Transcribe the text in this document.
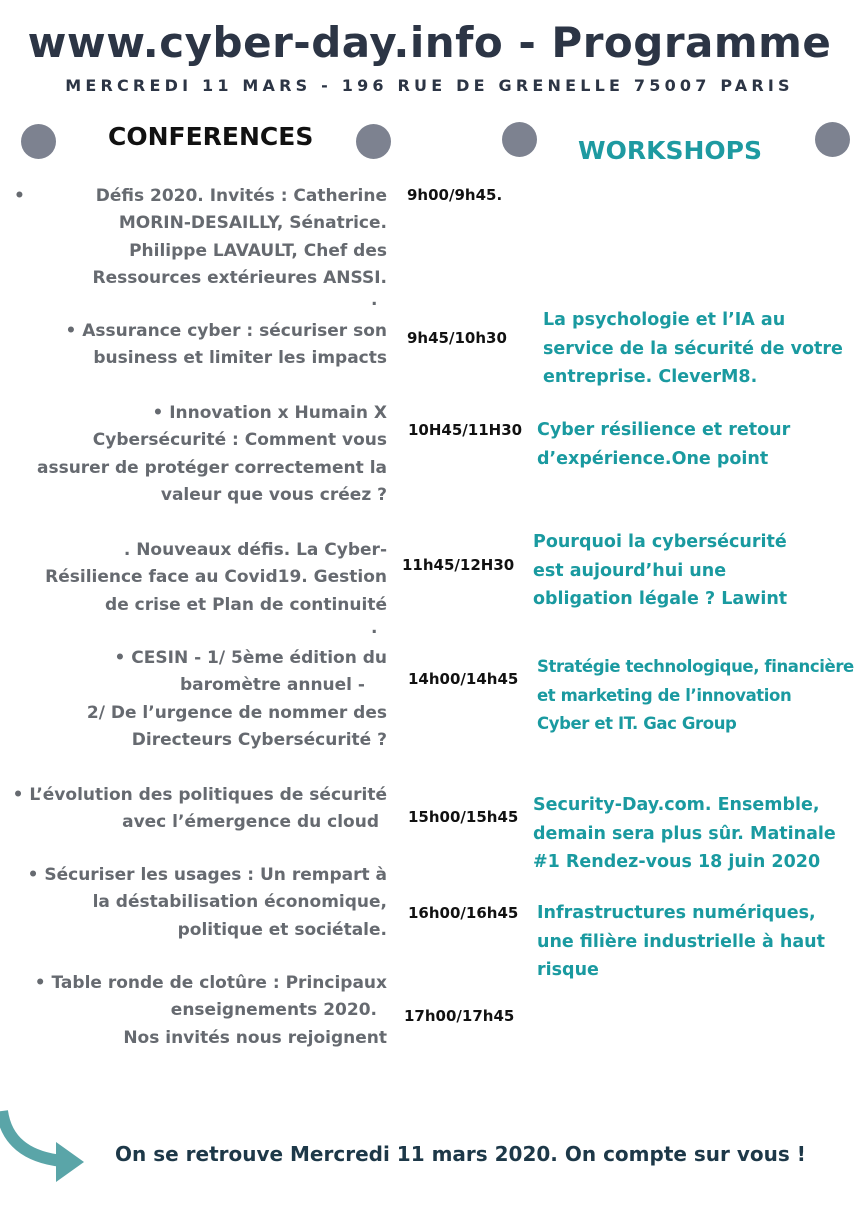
www.cyber-day.info - Programme
MERCREDI 11 MARS - 196 RUE DE GRENELLE 75007 PARIS
CONFERENCES	WORKSHOPS
•
.
.
Défis 2020. Invités : Catherine
MORIN-DESAILLY, Sénatrice.
Philippe LAVAULT, Chef des
Ressources extérieures ANSSI.
• Assurance cyber : sécuriser son
business et limiter les impacts
• Innovation x Humain X
Cybersécurité : Comment vous
assurer de protéger correctement la
valeur que vous créez ?
. Nouveaux défis. La Cyber-
Résilience face au Covid19. Gestion
de crise et Plan de continuité
• CESIN - 1/ 5ème édition du
baromètre annuel -
2/ De l’urgence de nommer des
Directeurs Cybersécurité ?
• L’évolution des politiques de sécurité
avec l’émergence du cloud
• Sécuriser les usages : Un rempart à
la déstabilisation économique,
politique et sociétale.
• Table ronde de clotûre : Principaux
enseignements 2020.
Nos invités nous rejoignent
9h00/9h45.
9h45/10h30
10H45/11H30
11h45/12H30
14h00/14h45
15h00/15h45
16h00/16h45
17h00/17h45
La psychologie et l’IA au
service de la sécurité de votre
entreprise. CleverM8.
Cyber résilience et retour
d’expérience.One point
Pourquoi la cybersécurité
est aujourd’hui une
obligation légale ? Lawint
Stratégie technologique, financière
et marketing de l’innovation
Cyber et IT. Gac Group
Security-Day.com. Ensemble,
demain sera plus sûr. Matinale
#1 Rendez-vous 18 juin 2020
Infrastructures numériques,
une filière industrielle à haut
risque
On se retrouve Mercredi 11 mars 2020. On compte sur vous !
